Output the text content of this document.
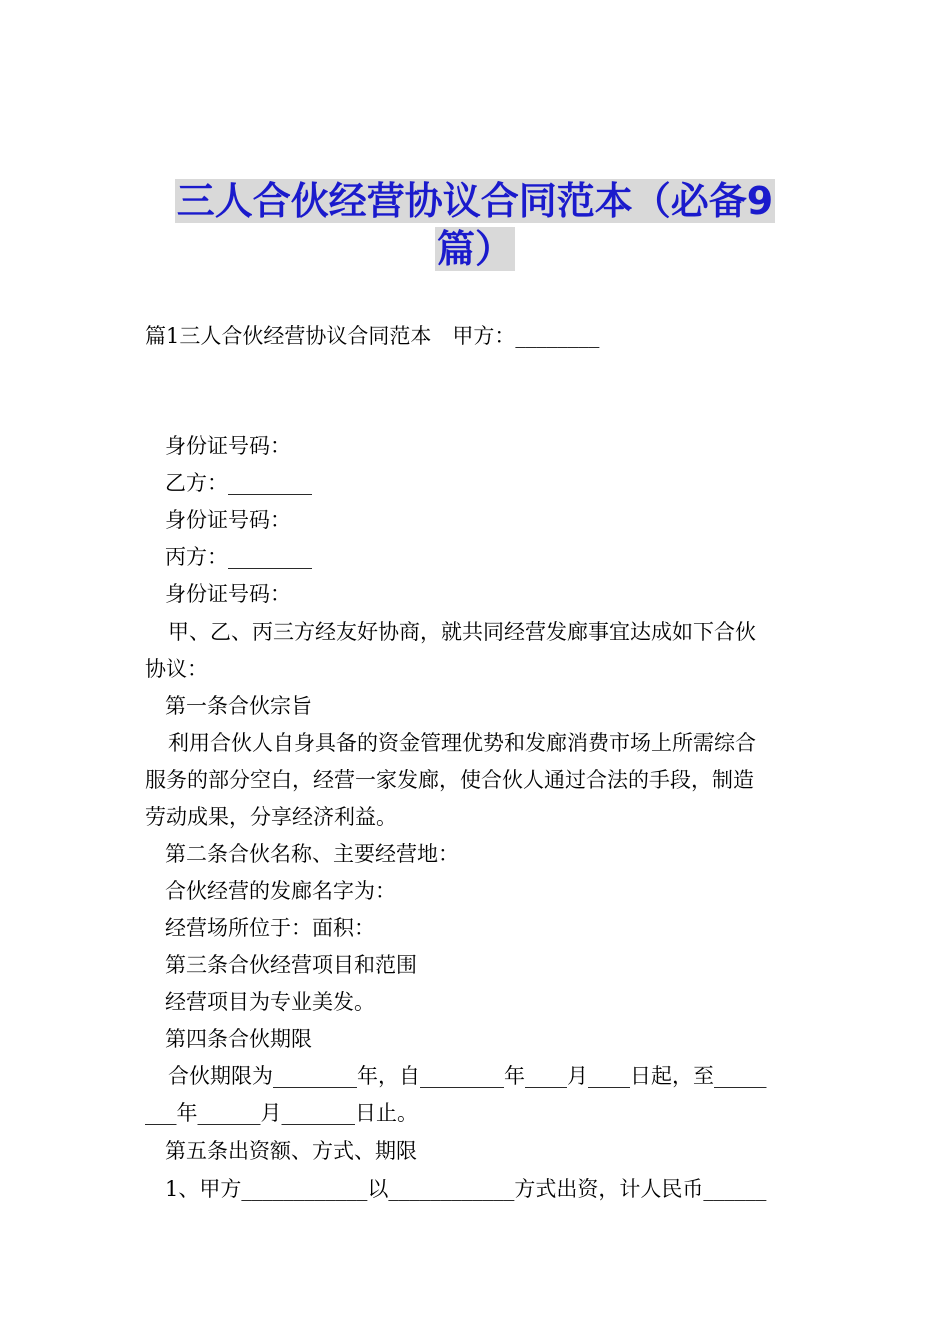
三人合伙经营协议合同范本（必备9
篇）
篇1三人合伙经营协议合同范本　甲方：________
身份证号码：
乙方：________
身份证号码：
丙方：________
身份证号码：
甲、乙、丙三方经友好协商，就共同经营发廊事宜达成如下合伙
协议：
第一条合伙宗旨
利用合伙人自身具备的资金管理优势和发廊消费市场上所需综合
服务的部分空白，经营一家发廊，使合伙人通过合法的手段，制造
劳动成果，分享经济利益。
第二条合伙名称、主要经营地：
合伙经营的发廊名字为：
经营场所位于：面积：
第三条合伙经营项目和范围
经营项目为专业美发。
第四条合伙期限
合伙期限为________年，自________年____月____日起，至_____
___年______月_______日止。
第五条出资额、方式、期限
1、甲方____________以____________方式出资，计人民币______
